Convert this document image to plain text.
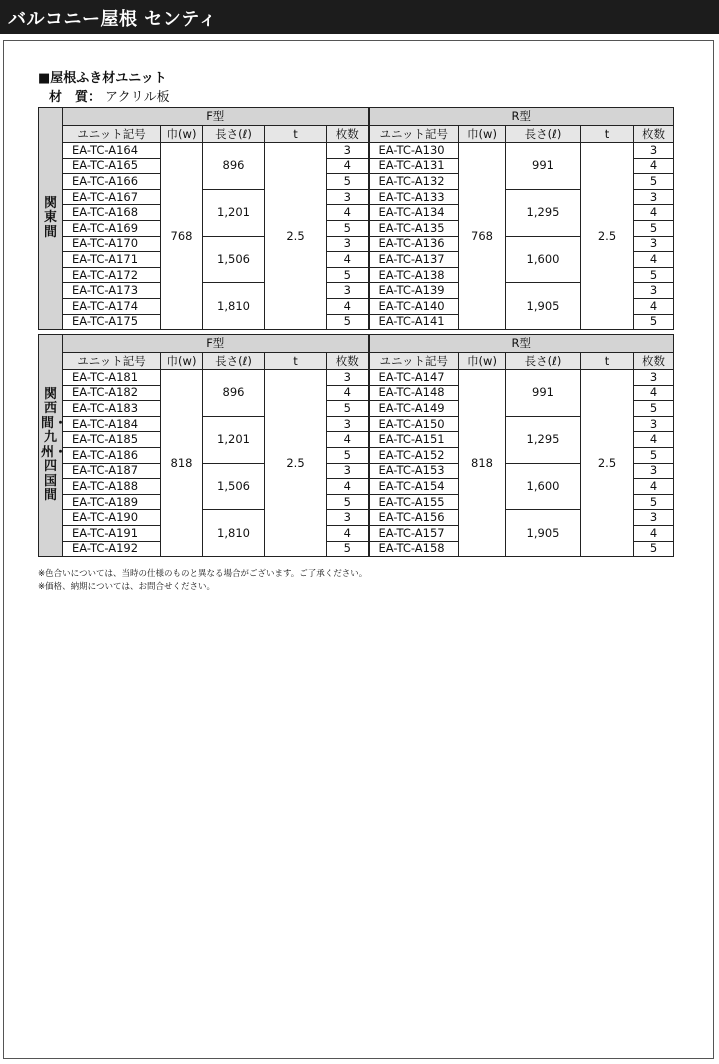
バルコニー屋根 センティ
■屋根ふき材ユニット
材　質： アクリル板
関東間	F型					R型				
	ユニット記号	巾(w)	長さ(ℓ)	t	枚数	ユニット記号	巾(w)	長さ(ℓ)	t	枚数
	EA-TC-A164	768	896	2.5	3	EA-TC-A130	768	991	2.5	3
	EA-TC-A165				4	EA-TC-A131				4
	EA-TC-A166				5	EA-TC-A132				5
	EA-TC-A167		1,201		3	EA-TC-A133		1,295		3
	EA-TC-A168				4	EA-TC-A134				4
	EA-TC-A169				5	EA-TC-A135				5
	EA-TC-A170		1,506		3	EA-TC-A136		1,600		3
	EA-TC-A171				4	EA-TC-A137				4
	EA-TC-A172				5	EA-TC-A138				5
	EA-TC-A173		1,810		3	EA-TC-A139		1,905		3
	EA-TC-A174				4	EA-TC-A140				4
	EA-TC-A175				5	EA-TC-A141				5
関西間・九州・四国間	F型					R型				
	ユニット記号	巾(w)	長さ(ℓ)	t	枚数	ユニット記号	巾(w)	長さ(ℓ)	t	枚数
	EA-TC-A181	818	896	2.5	3	EA-TC-A147	818	991	2.5	3
	EA-TC-A182				4	EA-TC-A148				4
	EA-TC-A183				5	EA-TC-A149				5
	EA-TC-A184		1,201		3	EA-TC-A150		1,295		3
	EA-TC-A185				4	EA-TC-A151				4
	EA-TC-A186				5	EA-TC-A152				5
	EA-TC-A187		1,506		3	EA-TC-A153		1,600		3
	EA-TC-A188				4	EA-TC-A154				4
	EA-TC-A189				5	EA-TC-A155				5
	EA-TC-A190		1,810		3	EA-TC-A156		1,905		3
	EA-TC-A191				4	EA-TC-A157				4
	EA-TC-A192				5	EA-TC-A158				5
※色合いについては、当時の仕様のものと異なる場合がございます。ご了承ください。
※価格、納期については、お問合せください。
